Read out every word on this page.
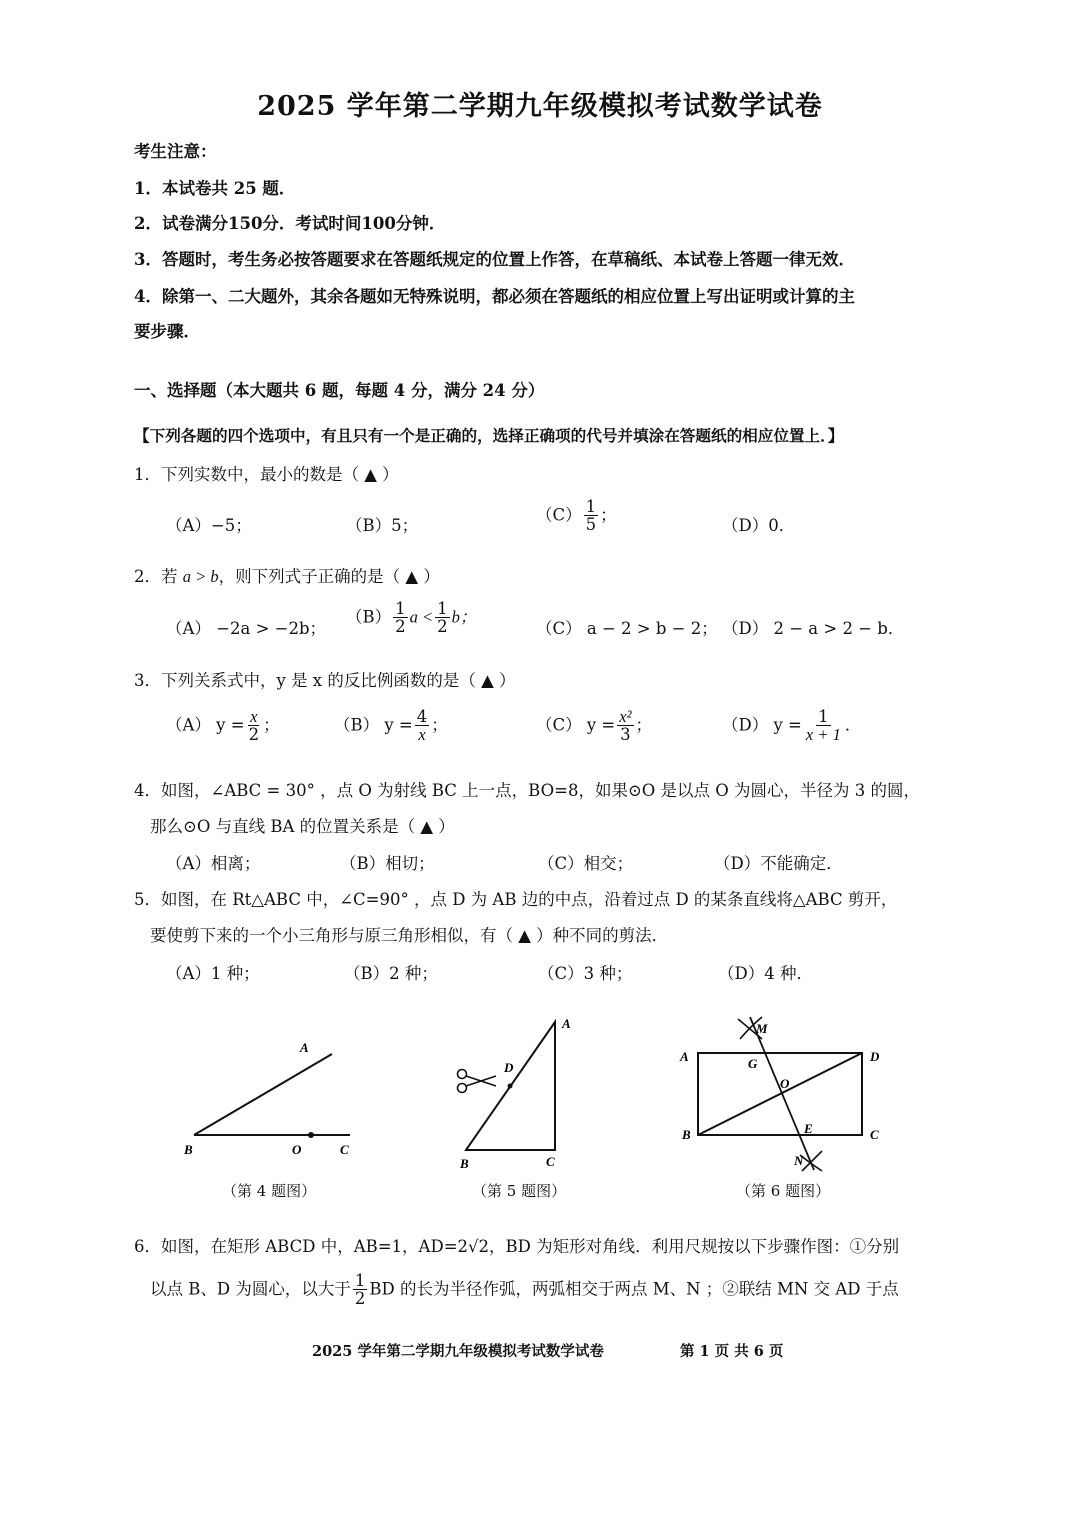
2025 学年第二学期九年级模拟考试数学试卷
考生注意：
1．本试卷共 25 题．
2．试卷满分150分．考试时间100分钟．
3．答题时，考生务必按答题要求在答题纸规定的位置上作答，在草稿纸、本试卷上答题一律无效．
4．除第一、二大题外，其余各题如无特殊说明，都必须在答题纸的相应位置上写出证明或计算的主
要步骤．
一、选择题（本大题共 6 题，每题 4 分，满分 24 分）
【下列各题的四个选项中，有且只有一个是正确的，选择正确项的代号并填涂在答题纸的相应位置上．】
1．下列实数中，最小的数是（ ▲ ）
（A）−5；	（B）5；
$(C) \frac{1}{5}$ ；
（D）0．
2．若 a > b，则下列式子正确的是（ ▲ ）
（A） −2a > −2b；
$(B) \frac{1}{2}$ $a < \frac{1}{2}$ b；
（C） a − 2 > b − 2； （D） 2 − a > 2 − b．
3．下列关系式中，y 是 x 的反比例函数的是（ ▲ ）
（A） $y = \frac{x}{2}$ ；	（B） $y = \frac{4}{x}$ ；	（C） $y = \frac{\text{x²}}{3}$ ；	（D） $y = \frac{1}{x + 1}$ ．
4．如图，∠ABC = 30° ，点 O 为射线 BC 上一点，BO=8，如果⊙O 是以点 O 为圆心，半径为 3 的圆，
那么⊙O 与直线 BA 的位置关系是（ ▲ ）
（A）相离；	（B）相切；	（C）相交；	（D）不能确定．
5．如图，在 Rt△ABC 中，∠C=90° ，点 D 为 AB 边的中点，沿着过点 D 的某条直线将△ABC 剪开，
要使剪下来的一个小三角形与原三角形相似，有（ ▲ ）种不同的剪法．
（A）1 种；	（B）2 种；	（C）3 种；	（D）4 种．
A
B	O	C
（第 4 题图）
A
D
B	C
（第 5 题图）
M
A	G	D
O
B	E	C
N
（第 6 题图）
6．如图，在矩形 ABCD 中，AB=1，AD=2√2，BD 为矩形对角线．利用尺规按以下步骤作图：①分别
以点 B、D 为圆心，以大于 $\frac{1}{2}$ BD 的长为半径作弧，两弧相交于两点 M、N ；②联结 MN 交 AD 于点
2025 学年第二学期九年级模拟考试数学试卷	第 1 页 共 6 页
